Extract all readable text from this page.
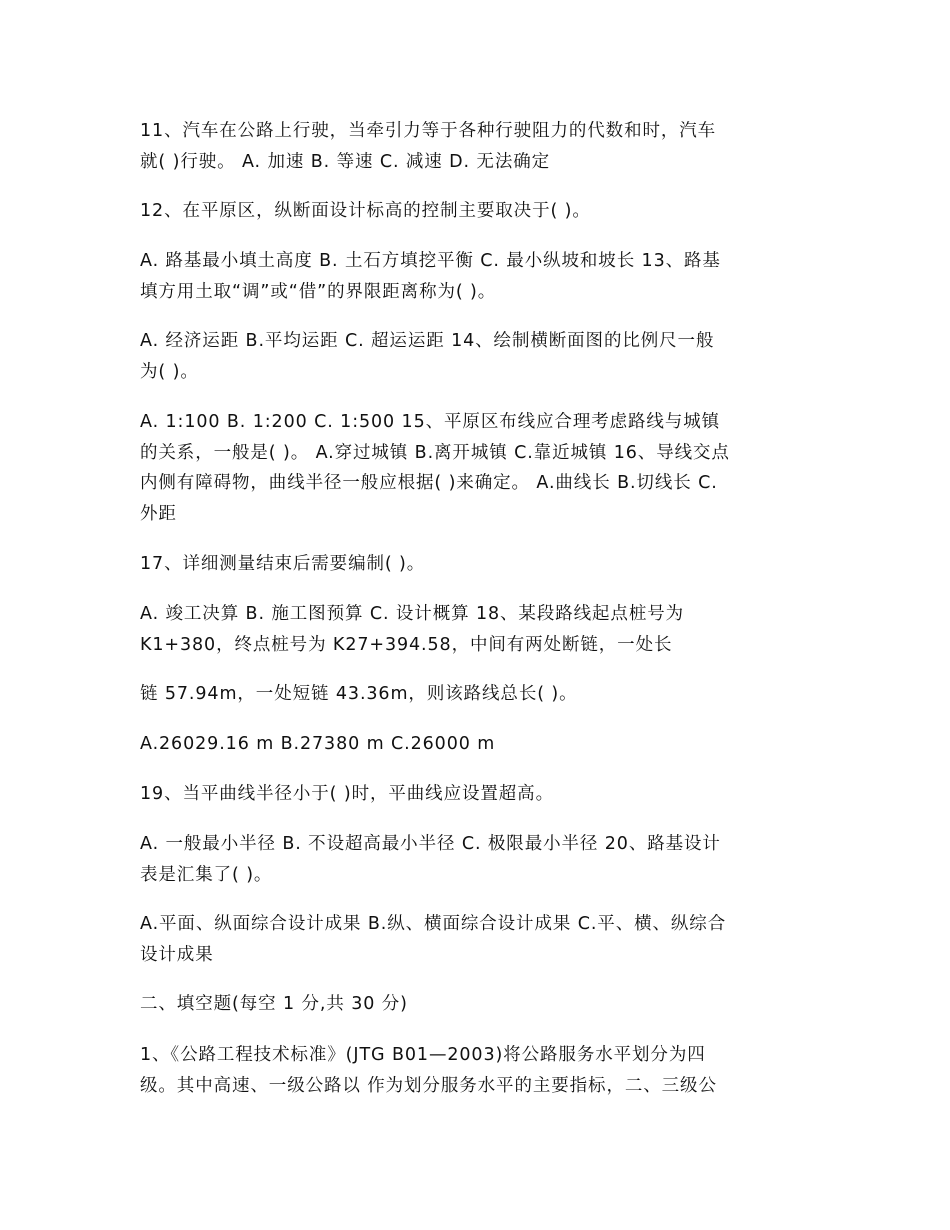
11、汽车在公路上行驶，当牵引力等于各种行驶阻力的代数和时，汽车
就( )行驶。 A. 加速 B. 等速 C. 减速 D. 无法确定
12、在平原区，纵断面设计标高的控制主要取决于( )。
A. 路基最小填土高度 B. 土石方填挖平衡 C. 最小纵坡和坡长 13、路基
填方用土取“调”或“借”的界限距离称为( )。
A. 经济运距 B.平均运距 C. 超运运距 14、绘制横断面图的比例尺一般
为( )。
A. 1:100 B. 1:200 C. 1:500 15、平原区布线应合理考虑路线与城镇
的关系，一般是( )。 A.穿过城镇 B.离开城镇 C.靠近城镇 16、导线交点
内侧有障碍物，曲线半径一般应根据( )来确定。 A.曲线长 B.切线长 C.
外距
17、详细测量结束后需要编制( )。
A. 竣工决算 B. 施工图预算 C. 设计概算 18、某段路线起点桩号为
K1+380，终点桩号为 K27+394.58，中间有两处断链，一处长
链 57.94m，一处短链 43.36m，则该路线总长( )。
A.26029.16 m B.27380 m C.26000 m
19、当平曲线半径小于( )时，平曲线应设置超高。
A. 一般最小半径 B. 不设超高最小半径 C. 极限最小半径 20、路基设计
表是汇集了( )。
A.平面、纵面综合设计成果 B.纵、横面综合设计成果 C.平、横、纵综合
设计成果
二、填空题(每空 1 分,共 30 分)
1、《公路工程技术标准》(JTG B01—2003)将公路服务水平划分为四
级。其中高速、一级公路以 作为划分服务水平的主要指标，二、三级公
